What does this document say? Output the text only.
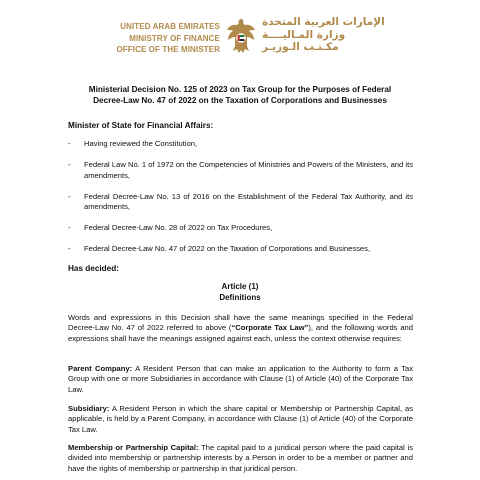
UNITED ARAB EMIRATES
MINISTRY OF FINANCE
OFFICE OF THE MINISTER
الإمارات العربية المتحدة
وزارة المـاليــــة
مكـتـب الـوزيـر
Ministerial Decision No. 125 of 2023 on Tax Group for the Purposes of Federal
Decree-Law No. 47 of 2022 on the Taxation of Corporations and Businesses
Minister of State for Financial Affairs:
- Having reviewed the Constitution,
- Federal Law No. 1 of 1972 on the Competencies of Ministries and Powers of the Ministers, and its amendments,
- Federal Decree-Law No. 13 of 2016 on the Establishment of the Federal Tax Authority, and its amendments,
- Federal Decree-Law No. 28 of 2022 on Tax Procedures,
- Federal Decree-Law No. 47 of 2022 on the Taxation of Corporations and Businesses,
Has decided:
Article (1)
Definitions
Words and expressions in this Decision shall have the same meanings specified in the Federal Decree-Law No. 47 of 2022 referred to above (“Corporate Tax Law”), and the following words and expressions shall have the meanings assigned against each, unless the context otherwise requires:
Parent Company: A Resident Person that can make an application to the Authority to form a Tax Group with one or more Subsidiaries in accordance with Clause (1) of Article (40) of the Corporate Tax Law.
Subsidiary: A Resident Person in which the share capital or Membership or Partnership Capital, as applicable, is held by a Parent Company, in accordance with Clause (1) of Article (40) of the Corporate Tax Law.
Membership or Partnership Capital: The capital paid to a juridical person where the paid capital is divided into membership or partnership interests by a Person in order to be a member or partner and have the rights of membership or partnership in that juridical person.
